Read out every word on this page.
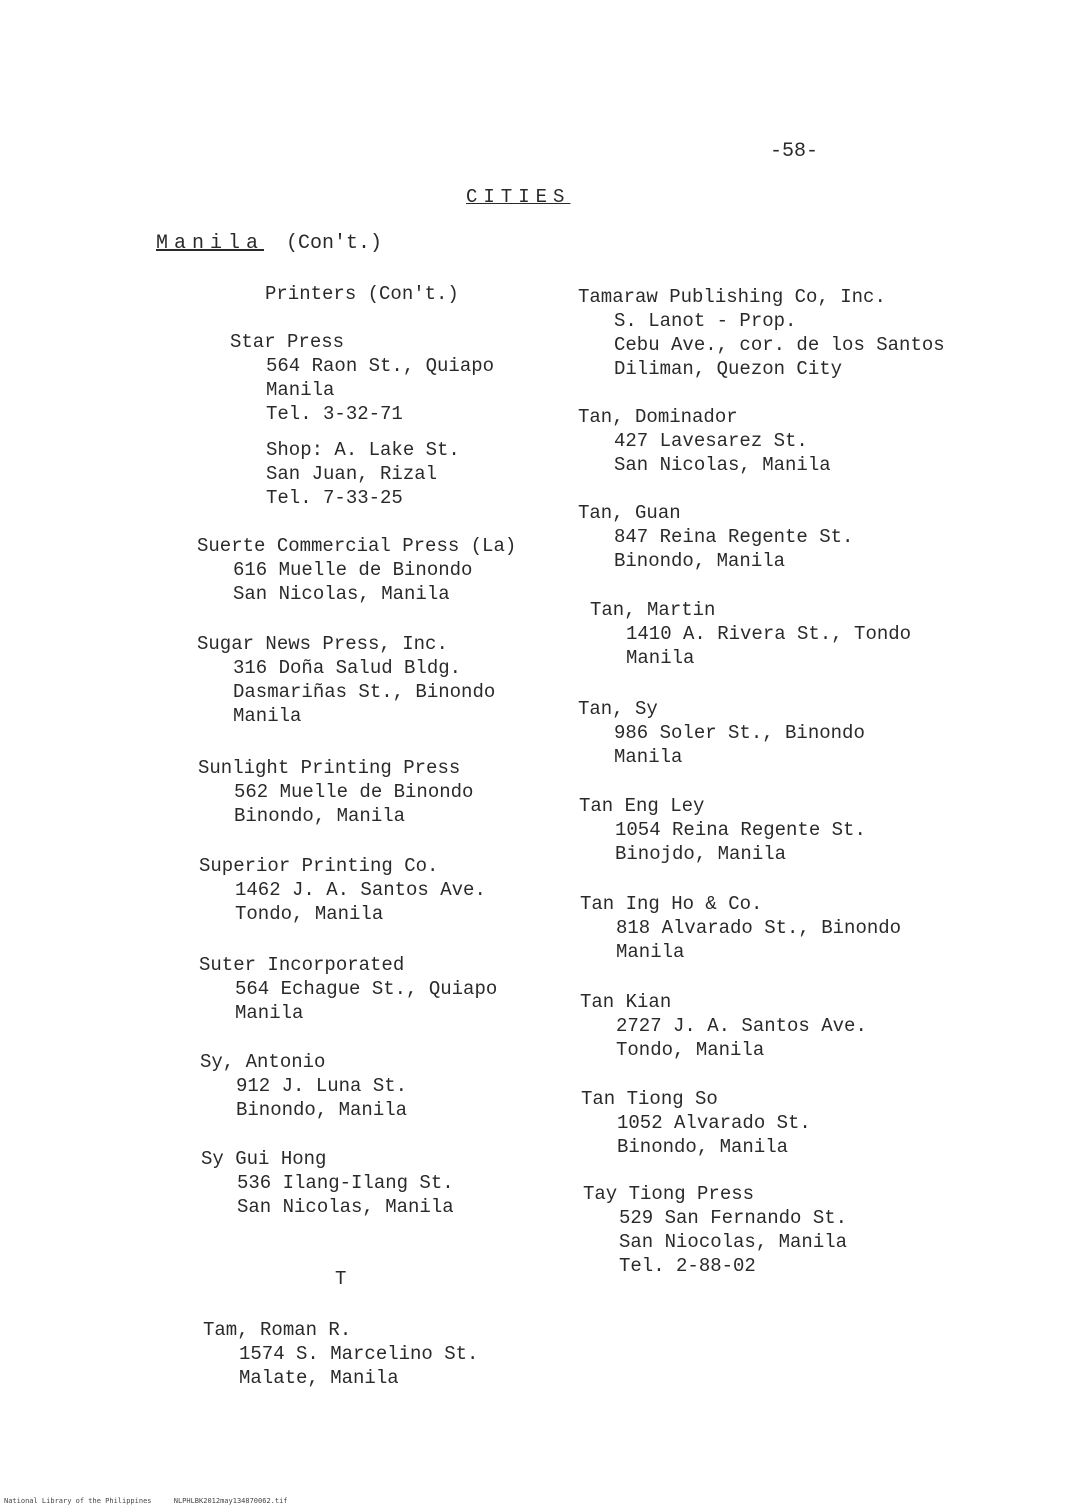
-58-
CITIES
Manila (Con't.)
Printers (Con't.)
Star Press
564 Raon St., Quiapo
Manila
Tel. 3-32-71
Shop: A. Lake St.
San Juan, Rizal
Tel. 7-33-25
Suerte Commercial Press (La)
616 Muelle de Binondo
San Nicolas, Manila
Sugar News Press, Inc.
316 Doña Salud Bldg.
Dasmariñas St., Binondo
Manila
Sunlight Printing Press
562 Muelle de Binondo
Binondo, Manila
Superior Printing Co.
1462 J. A. Santos Ave.
Tondo, Manila
Suter Incorporated
564 Echague St., Quiapo
Manila
Sy, Antonio
912 J. Luna St.
Binondo, Manila
Sy Gui Hong
536 Ilang-Ilang St.
San Nicolas, Manila
T
Tam, Roman R.
1574 S. Marcelino St.
Malate, Manila
Tamaraw Publishing Co, Inc.
S. Lanot - Prop.
Cebu Ave., cor. de los Santos
Diliman, Quezon City
Tan, Dominador
427 Lavesarez St.
San Nicolas, Manila
Tan, Guan
847 Reina Regente St.
Binondo, Manila
Tan, Martin
1410 A. Rivera St., Tondo
Manila
Tan, Sy
986 Soler St., Binondo
Manila
Tan Eng Ley
1054 Reina Regente St.
Binojdo, Manila
Tan Ing Ho & Co.
818 Alvarado St., Binondo
Manila
Tan Kian
2727 J. A. Santos Ave.
Tondo, Manila
Tan Tiong So
1052 Alvarado St.
Binondo, Manila
Tay Tiong Press
529 San Fernando St.
San Niocolas, Manila
Tel. 2-88-02
National Library of the Philippines	NLPHLBK2012may134870062.tif
